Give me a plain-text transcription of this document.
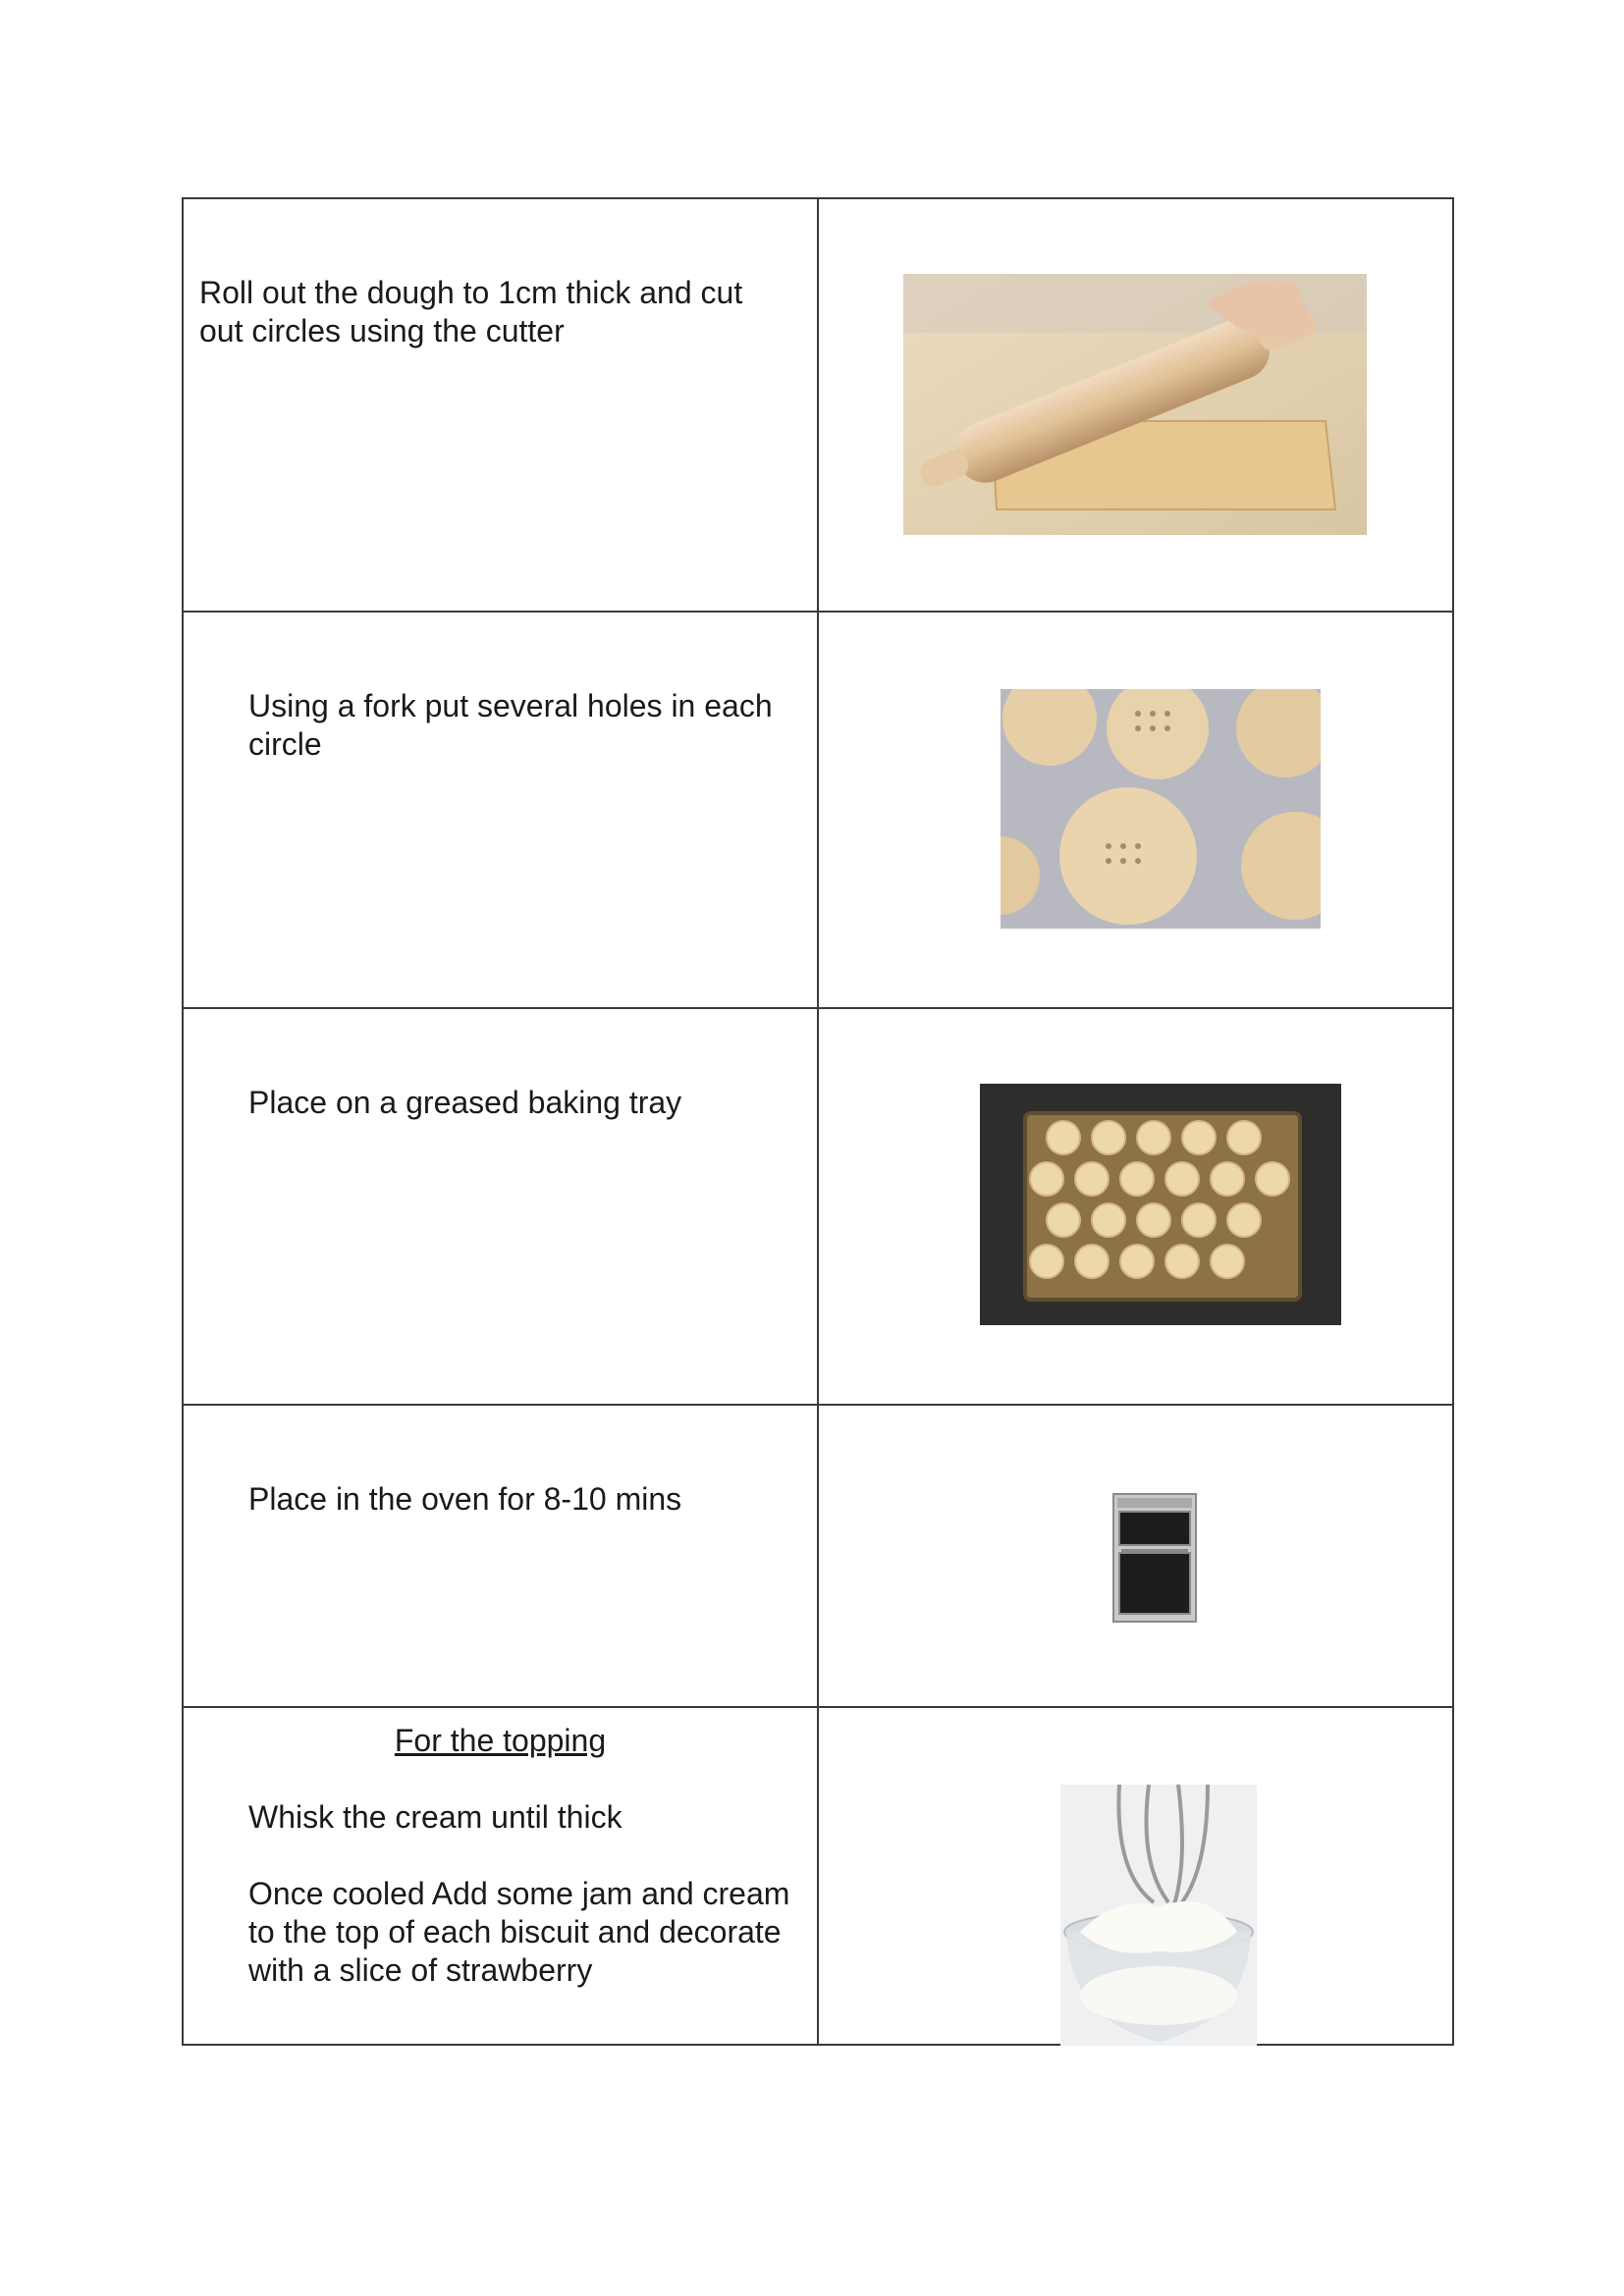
Roll out the dough to 1cm thick and cut out circles using the cutter

Using a fork put several holes in each circle

Place on a greased baking tray

Place in the oven for 8-10 mins

For the topping

Whisk the cream until thick

Once cooled Add some jam and cream to the top of each biscuit and decorate with a slice of strawberry
